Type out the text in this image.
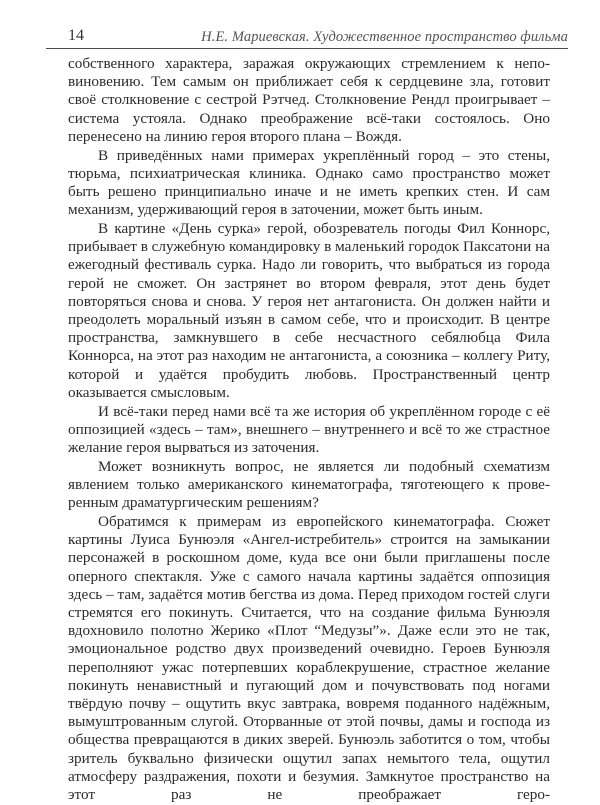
14	Н.Е. Мариевская. Художественное пространство фильма

собственного характера, заражая окружающих стремлением к неповиновению. Тем самым он приближает себя к сердцевине зла, готовит своё столкновение с сестрой Рэтчед. Столкновение Рендл проигрывает – система устояла. Однако преображение всё-таки состоялось. Оно перенесено на линию героя второго плана – Вождя.

В приведённых нами примерах укреплённый город – это стены, тюрьма, психиатрическая клиника. Однако само пространство может быть решено принципиально иначе и не иметь крепких стен. И сам механизм, удерживающий героя в заточении, может быть иным.

В картине «День сурка» герой, обозреватель погоды Фил Коннорс, прибывает в служебную командировку в маленький городок Паксатони на ежегодный фестиваль сурка. Надо ли говорить, что выбраться из города герой не сможет. Он застрянет во втором февраля, этот день будет повторяться снова и снова. У героя нет антагониста. Он должен найти и преодолеть моральный изъян в самом себе, что и происходит. В центре пространства, замкнувшего в себе несчастного себялюбца Фила Коннорса, на этот раз находим не антагониста, а союзника – коллегу Риту, которой и удаётся пробудить любовь. Пространственный центр оказывается смысловым.

И всё-таки перед нами всё та же история об укреплённом городе с её оппозицией «здесь – там», внешнего – внутреннего и всё то же страстное желание героя вырваться из заточения.

Может возникнуть вопрос, не является ли подобный схематизм явлением только американского кинематографа, тяготеющего к проверенным драматургическим решениям?

Обратимся к примерам из европейского кинематографа. Сюжет картины Луиса Бунюэля «Ангел-истребитель» строится на замыкании персонажей в роскошном доме, куда все они были приглашены после оперного спектакля. Уже с самого начала картины задаётся оппозиция здесь – там, задаётся мотив бегства из дома. Перед приходом гостей слуги стремятся его покинуть. Считается, что на создание фильма Бунюэля вдохновило полотно Жерико «Плот “Медузы”». Даже если это не так, эмоциональное родство двух произведений очевидно. Героев Бунюэля переполняют ужас потерпевших кораблекрушение, страстное желание покинуть ненавистный и пугающий дом и почувствовать под ногами твёрдую почву – ощутить вкус завтрака, вовремя поданного надёжным, вымуштрованным слугой. Оторванные от этой почвы, дамы и господа из общества превращаются в диких зверей. Бунюэль заботится о том, чтобы зритель буквально физически ощутил запах немытого тела, ощутил атмосферу раздражения, похоти и безумия. Замкнутое пространство на этот раз не преображает геро-
